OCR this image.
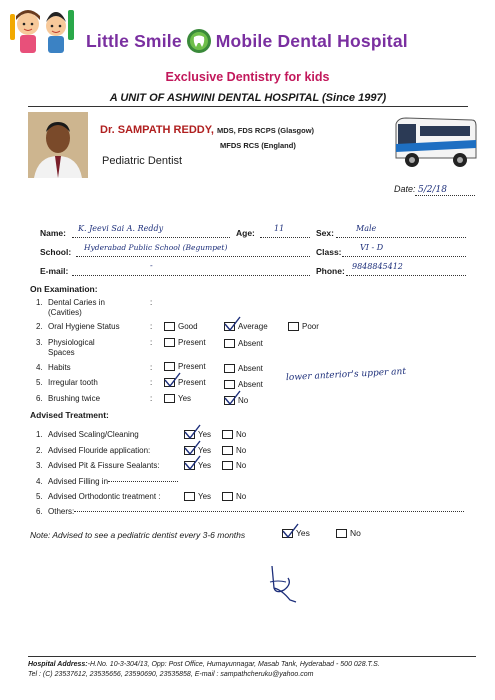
Little Smile Mobile Dental Hospital
Exclusive Dentistry for kids
A UNIT OF ASHWINI DENTAL HOSPITAL (Since 1997)
Dr. SAMPATH REDDY, MDS, FDS RCPS (Glasgow)
MFDS RCS (England)
Pediatric Dentist
Date: 5/2/18
Name: K. Jeevi Sai A. Reddy	Age: 11	Sex:	Male
School: Hyderabad Public School (Begumpet)	Class: VI - D
E-mail:
-
Phone: 9848845412
On Examination:
1. Dental Caries in
(Cavities)
:
2. Oral Hygiene Status	:	Good	Average	Poor
3. Physiological
Spaces
:	Present	Absent
4. Habits	:	Present	Absent
5. Irregular tooth	:	Present	Absent
lower anterior's upper ant
6. Brushing twice	:	Yes	No
Advised Treatment:
1. Advised Scaling/Cleaning	Yes	No
2. Advised Flouride application:	Yes	No
3. Advised Pit & Fissure Sealants:	Yes	No
4. Advised Filling in
5. Advised Orthodontic treatment :	Yes	No
6. Others:
Note: Advised to see a pediatric dentist every 3-6 months	Yes	No
Hospital Address:-H.No. 10-3-304/13, Opp: Post Office, Humayunnagar, Masab Tank, Hyderabad - 500 028.T.S.
Tel : (C) 23537612, 23535656, 23590690, 23535858, E-mail : sampathcheruku@yahoo.com
